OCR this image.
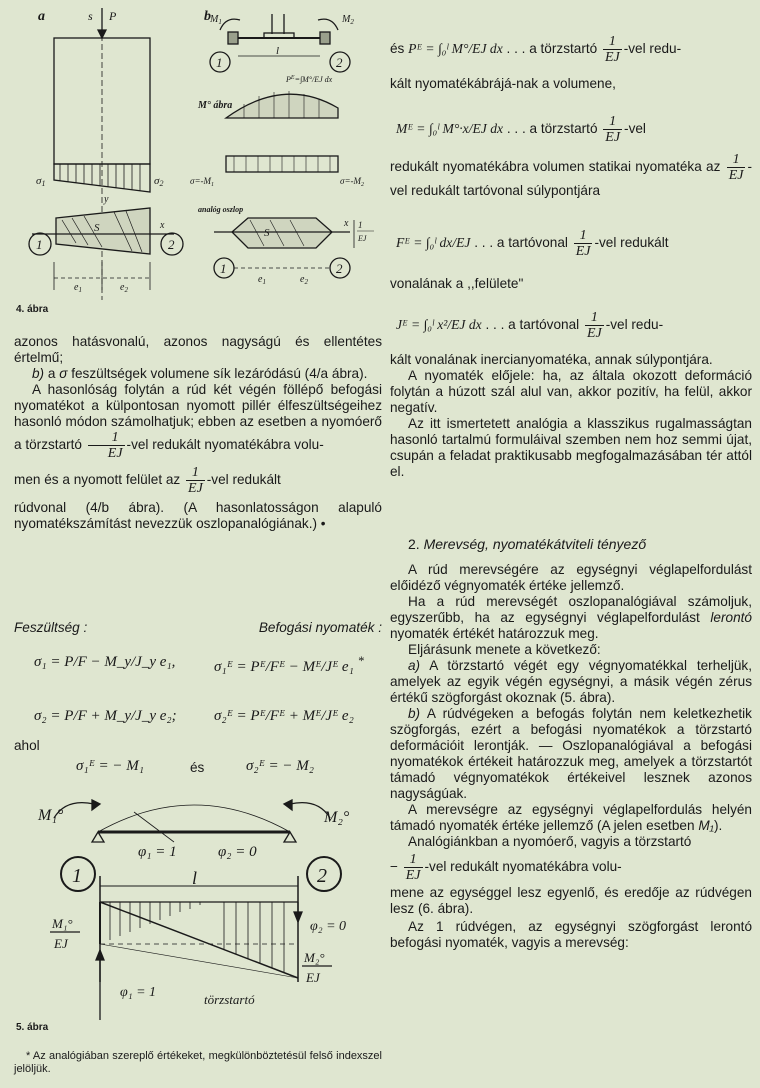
a	s P
σ1	σ2
x
y
S
1	2
$e_1$	$e_2$
b $M_1$	$M_2$
1	2
l
$P^E=\int M^\circ/EJ$ dx
M° ábra
$\sigma=-M_1$	$\sigma=-M_2$
analóg oszlop
S
x 1
EJ
1	2
$e_1$	$e_2$
4. ábra

azonos hatásvonalú, azonos nagyságú és ellentétes értelmű;

b) a σ feszültségek volumene sík lezáródású (4/a ábra).

A hasonlóság folytán a rúd két végén föllépő befogási nyomatékot a külpontosan nyomott pillér élfeszültségeihez hasonló módon számolhatjuk; ebben az esetben a nyomóerő a törzstartó $\frac{1}{EJ} -vel$ redukált nyomatékábra volu-

men és a nyomott felület az $\frac{1}{EJ} -vel$ redukált

rúdvonal (4/b ábra). (A hasonlatosságon alapuló nyomatékszámítást nevezzük oszlopanalógiának.) •

Feszültség :	Befogási nyomaték :
σ₁ = P/F − M_y/J_y e₁,	σ₁ᴱ = Pᴱ/Fᴱ − Mᴱ/Jᴱ e₁ *
σ₂ = P/F + M_y/J_y e₂; σ₂ᴱ = Pᴱ/Fᴱ + Mᴱ/Jᴱ e₂
ahol
σ₁ᴱ = − M₁	és	σ₂ᴱ = − M₂
M₁°	M₂°
φ₁ = 1	φ₂ = 0
1	2
l
M₁°
EJ
M₂°
EJ
φ₂ = 0
φ₁ = 1	törzstartó
5. ábra
* Az analógiában szereplő értékeket, megkülönböztetésül felső indexszel jelöljük.
és Pᴱ = ∫₀ˡ M°/EJ dx . . . a törzstartó $\frac{1}{EJ} -vel$ redu-
kált nyomatékábrájá-nak a volumene,
Mᴱ = ∫₀ˡ M°·x/EJ dx . . . a törzstartó $\frac{1}{EJ} -vel$
redukált nyomatékábra volumen statikai nyomatéka az $\frac{1}{EJ} -vel$ redukált tartóvonal súlypontjára
Fᴱ = ∫₀ˡ dx/EJ . . . a tartóvonal $\frac{1}{EJ} -vel$ redukált
vonalának a ,,felülete"
Jᴱ = ∫₀ˡ x²/EJ dx . . . a tartóvonal $\frac{1}{EJ} -vel$ redu-

kált vonalának inercianyomatéka, annak súlypontjára.

A nyomaték előjele: ha, az általa okozott deformáció folytán a húzott szál alul van, akkor pozitív, ha felül, akkor negatív.

Az itt ismertetett analógia a klasszikus rugalmasságtan hasonló tartalmú formuláival szemben nem hoz semmi újat, csupán a feladat praktikusabb megfogalmazásában tér attól el.

2. Merevség, nyomatékátviteli tényező

A rúd merevségére az egységnyi véglapelfordulást előidéző végnyomaték értéke jellemző.

Ha a rúd merevségét oszlopanalógiával számoljuk, egyszerűbb, ha az egységnyi véglapelfordulást lerontó nyomaték értékét határozzuk meg.

Eljárásunk menete a következő:

a) A törzstartó végét egy végnyomatékkal terheljük, amelyek az egyik végén egységnyi, a másik végén zérus értékű szögforgást okoznak (5. ábra).

b) A rúdvégeken a befogás folytán nem keletkezhetik szögforgás, ezért a befogási nyomatékok a törzstartó deformációit lerontják. — Oszlopanalógiával a befogási nyomatékok értékeit határozzuk meg, amelyek a törzstartót támadó végnyomatékok értékeivel lesznek azonos nagyságúak.

A merevségre az egységnyi véglapelfordulás helyén támadó nyomaték értéke jellemző (A jelen esetben M₁).

Analógiánkban a nyomóerő, vagyis a törzstartó

− $\frac{1}{EJ} -vel$ redukált nyomatékábra volu-

mene az egységgel lesz egyenlő, és eredője az rúdvégen lesz (6. ábra).

Az 1 rúdvégen, az egységnyi szögforgást lerontó befogási nyomaték, vagyis a merevség:
